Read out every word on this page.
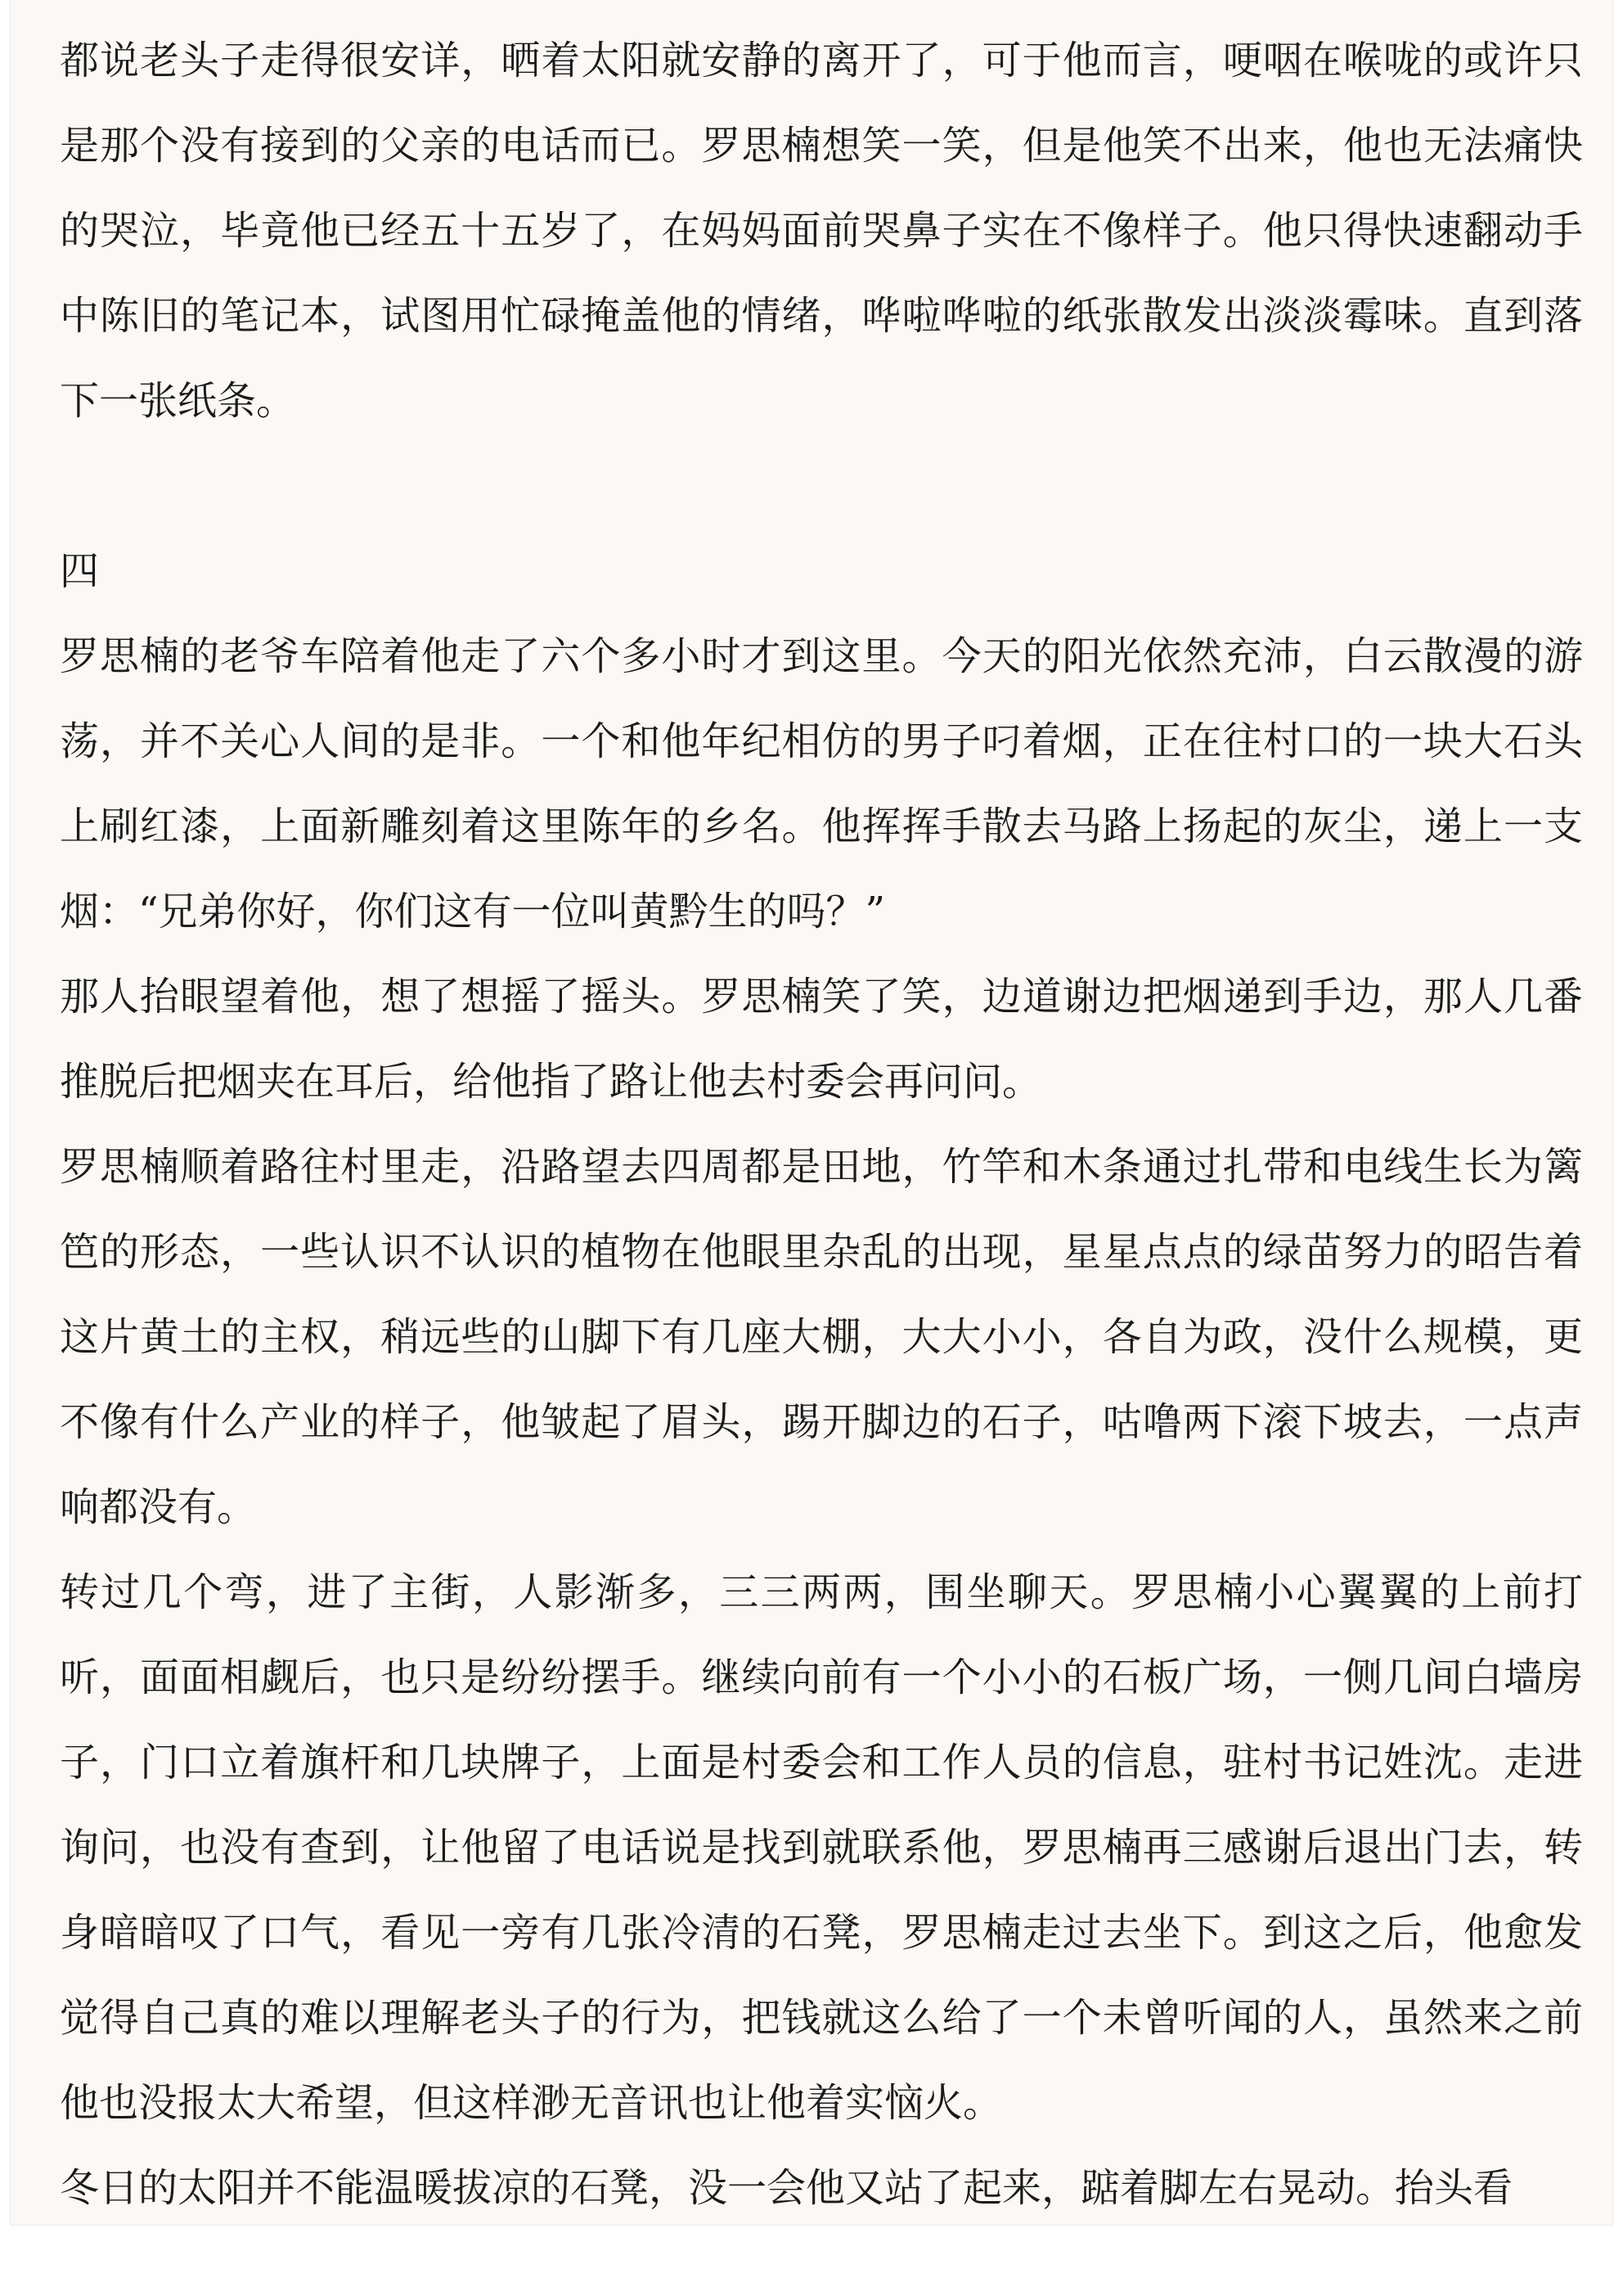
都说老头子走得很安详，晒着太阳就安静的离开了，可于他而言，哽咽在喉咙的或许只是那个没有接到的父亲的电话而已。罗思楠想笑一笑，但是他笑不出来，他也无法痛快的哭泣，毕竟他已经五十五岁了，在妈妈面前哭鼻子实在不像样子。他只得快速翻动手中陈旧的笔记本，试图用忙碌掩盖他的情绪，哗啦哗啦的纸张散发出淡淡霉味。直到落下一张纸条。

四

罗思楠的老爷车陪着他走了六个多小时才到这里。今天的阳光依然充沛，白云散漫的游荡，并不关心人间的是非。一个和他年纪相仿的男子叼着烟，正在往村口的一块大石头上刷红漆，上面新雕刻着这里陈年的乡名。他挥挥手散去马路上扬起的灰尘，递上一支烟：“兄弟你好，你们这有一位叫黄黔生的吗？”

那人抬眼望着他，想了想摇了摇头。罗思楠笑了笑，边道谢边把烟递到手边，那人几番推脱后把烟夹在耳后，给他指了路让他去村委会再问问。

罗思楠顺着路往村里走，沿路望去四周都是田地，竹竿和木条通过扎带和电线生长为篱笆的形态，一些认识不认识的植物在他眼里杂乱的出现，星星点点的绿苗努力的昭告着这片黄土的主权，稍远些的山脚下有几座大棚，大大小小，各自为政，没什么规模，更不像有什么产业的样子，他皱起了眉头，踢开脚边的石子，咕噜两下滚下坡去，一点声响都没有。

转过几个弯，进了主街，人影渐多，三三两两，围坐聊天。罗思楠小心翼翼的上前打听，面面相觑后，也只是纷纷摆手。继续向前有一个小小的石板广场，一侧几间白墙房子，门口立着旗杆和几块牌子，上面是村委会和工作人员的信息，驻村书记姓沈。走进询问，也没有查到，让他留了电话说是找到就联系他，罗思楠再三感谢后退出门去，转身暗暗叹了口气，看见一旁有几张冷清的石凳，罗思楠走过去坐下。到这之后，他愈发觉得自己真的难以理解老头子的行为，把钱就这么给了一个未曾听闻的人，虽然来之前他也没报太大希望，但这样渺无音讯也让他着实恼火。

冬日的太阳并不能温暖拔凉的石凳，没一会他又站了起来，踮着脚左右晃动。抬头看
